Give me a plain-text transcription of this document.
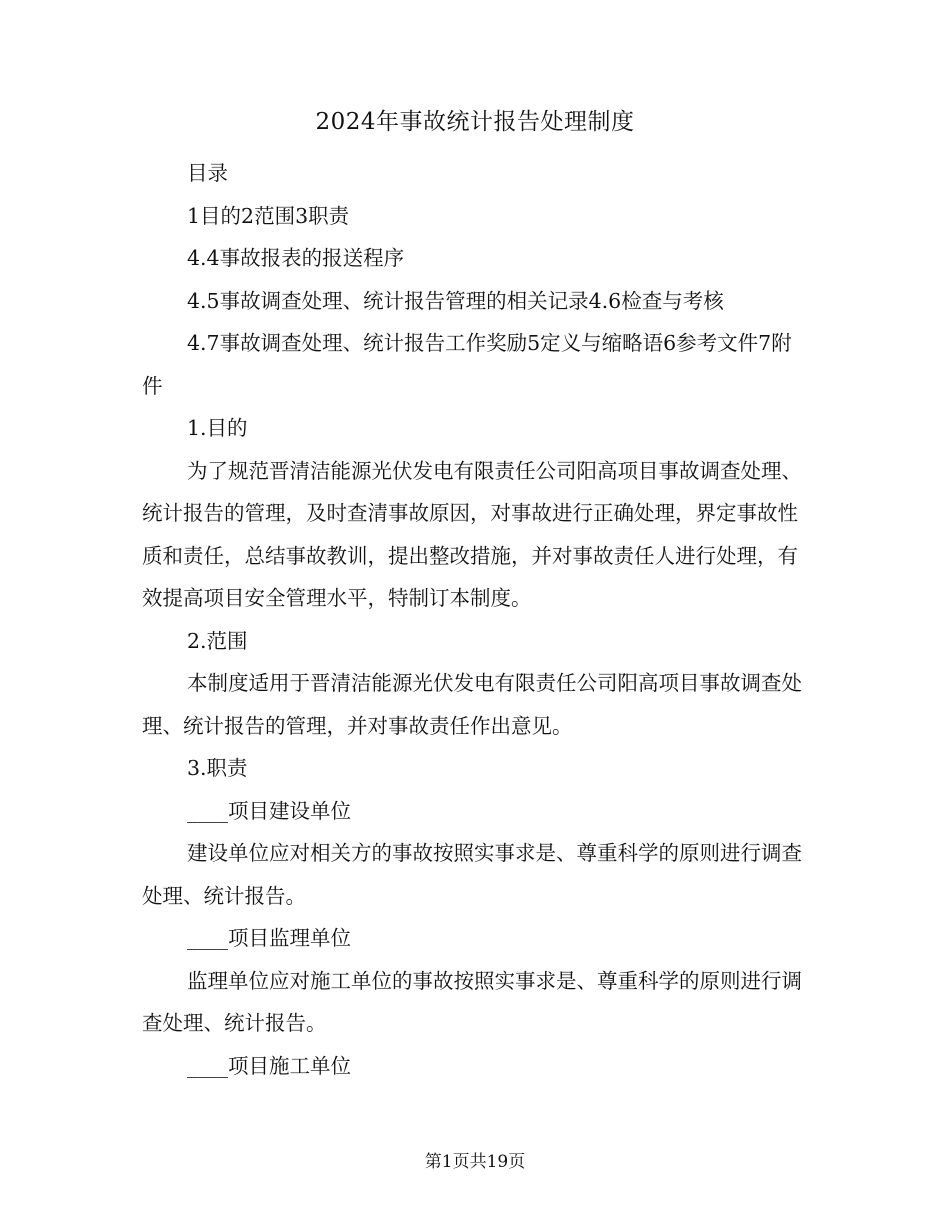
2024年事故统计报告处理制度

目录

1目的2范围3职责

4.4事故报表的报送程序

4.5事故调查处理、统计报告管理的相关记录4.6检查与考核

4.7事故调查处理、统计报告工作奖励5定义与缩略语6参考文件7附件

1.目的

为了规范晋清洁能源光伏发电有限责任公司阳高项目事故调查处理、统计报告的管理，及时查清事故原因，对事故进行正确处理，界定事故性质和责任，总结事故教训，提出整改措施，并对事故责任人进行处理，有效提高项目安全管理水平，特制订本制度。

2.范围

本制度适用于晋清洁能源光伏发电有限责任公司阳高项目事故调查处理、统计报告的管理，并对事故责任作出意见。

3.职责

____项目建设单位

建设单位应对相关方的事故按照实事求是、尊重科学的原则进行调查处理、统计报告。

____项目监理单位

监理单位应对施工单位的事故按照实事求是、尊重科学的原则进行调查处理、统计报告。

____项目施工单位

第1页共19页
